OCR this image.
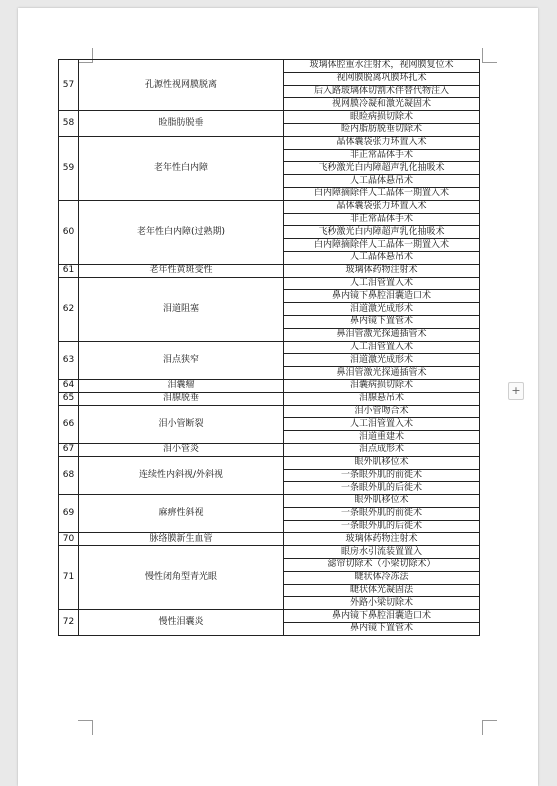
57	孔源性视网膜脱离	玻璃体腔重水注射术，视网膜复位术
		视网膜脱离巩膜环扎术
		后入路玻璃体切割术伴替代物注入
		视网膜冷凝和激光凝固术
58	睑脂肪脱垂	眼睑病损切除术
		睑内脂肪脱垂切除术
59	老年性白内障	晶体囊袋张力环置入术
		非正常晶体手术
		飞秒激光白内障超声乳化抽吸术
		人工晶体悬吊术
		白内障摘除伴人工晶体一期置入术
60	老年性白内障(过熟期)	晶体囊袋张力环置入术
		非正常晶体手术
		飞秒激光白内障超声乳化抽吸术
		白内障摘除伴人工晶体一期置入术
		人工晶体悬吊术
61	老年性黄斑变性	玻璃体药物注射术
62	泪道阻塞	人工泪管置入术
		鼻内镜下鼻腔泪囊造口术
		泪道激光成形术
		鼻内镜下置管术
		鼻泪管激光探通插管术
63	泪点狭窄	人工泪管置入术
		泪道激光成形术
		鼻泪管激光探通插管术
64	泪囊瘤	泪囊病损切除术
65	泪腺脱垂	泪腺悬吊术
66	泪小管断裂	泪小管吻合术
		人工泪管置入术
		泪道重建术
67	泪小管炎	泪点成形术
68	连续性内斜视/外斜视	眼外肌移位术
		一条眼外肌的前徙术
		一条眼外肌的后徙术
69	麻痹性斜视	眼外肌移位术
		一条眼外肌的前徙术
		一条眼外肌的后徙术
70	脉络膜新生血管	玻璃体药物注射术
71	慢性闭角型青光眼	眼房水引流装置置入
		滤帘切除术（小梁切除术）
		睫状体冷冻法
		睫状体光凝固法
		外路小梁切除术
72	慢性泪囊炎	鼻内镜下鼻腔泪囊造口术
		鼻内镜下置管术
+
